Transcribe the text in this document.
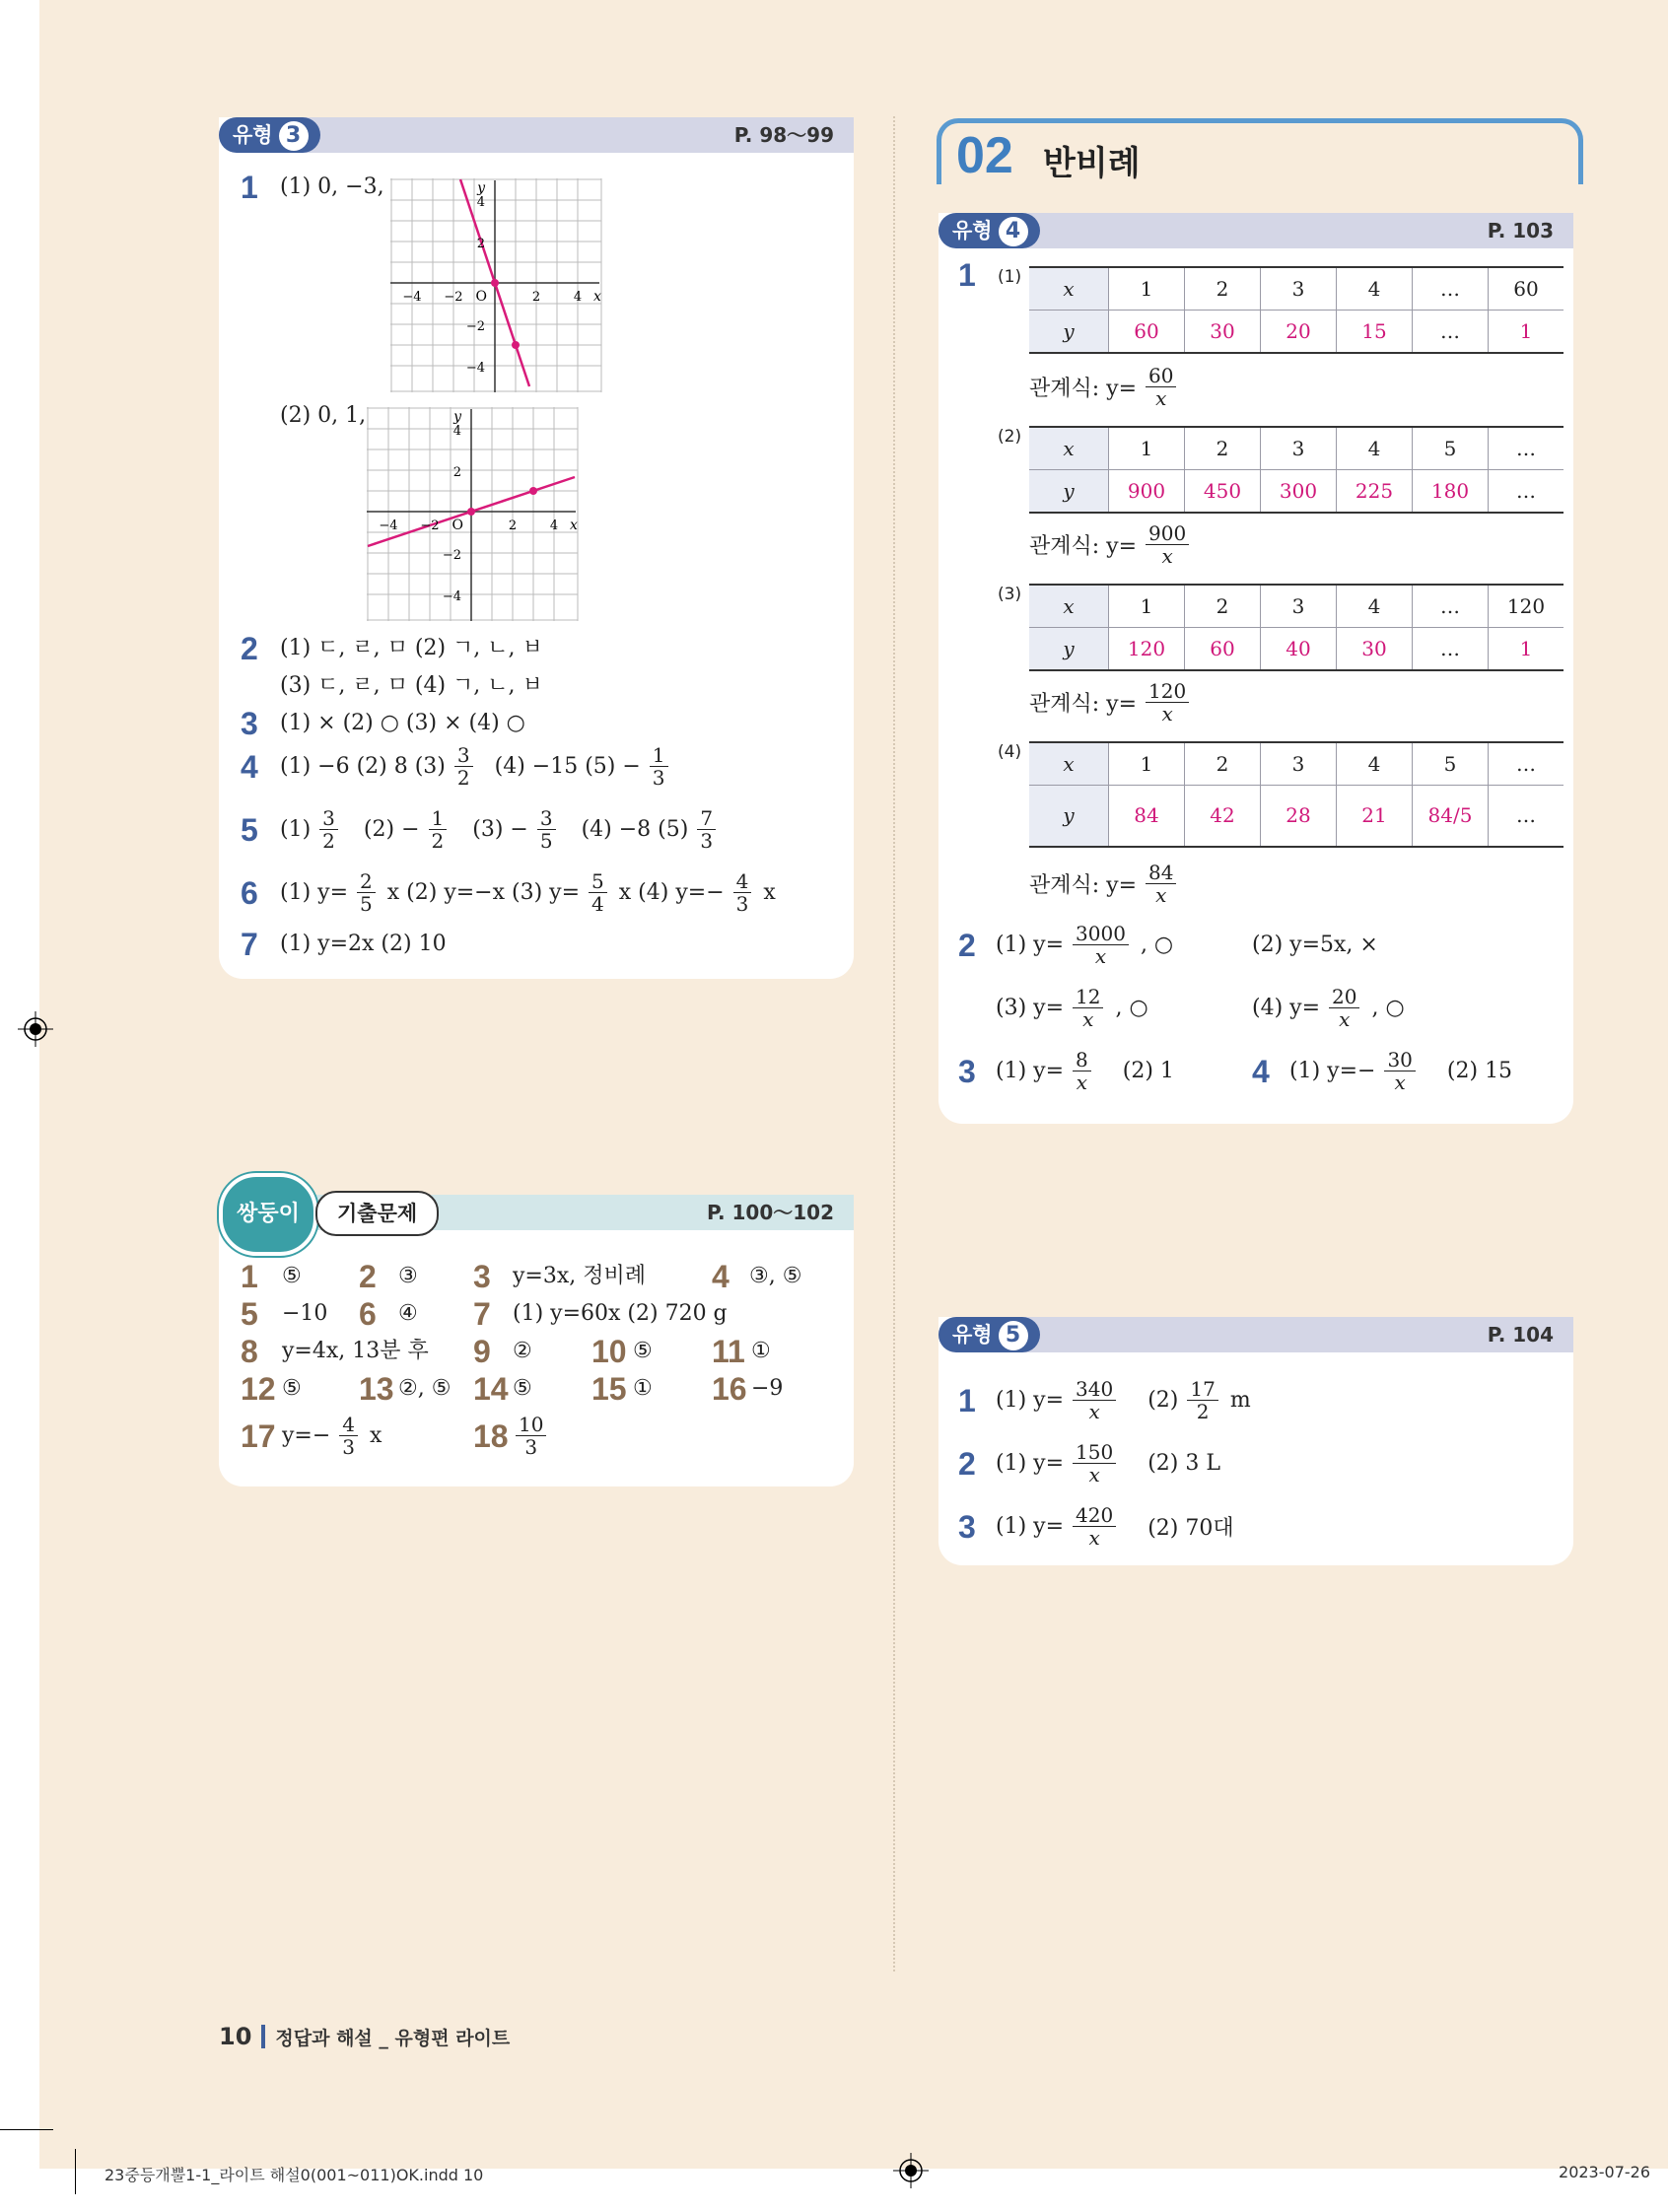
유형 3	P. 98～99
1 (1) 0, −3,
4
2
−2
−4
−4 −2	2	4
O	x
y
(2) 0, 1,
4
2
−2
−4
−4 −2	2	4
O	x
y
2 (1) ㄷ, ㄹ, ㅁ (2) ㄱ, ㄴ, ㅂ
(3) ㄷ, ㄹ, ㅁ (4) ㄱ, ㄴ, ㅂ
3 (1) × (2) ○ (3) × (4) ○
4 (1) −6 (2) 8 $(3) \frac{3}{2} (4) -15$ $(5) - \frac{1}{3}$
5 $(1) \frac{3}{2} (2) - \frac{1}{2} (3) - \frac{3}{5} (4) -8$ $(5) \frac{7}{3}$
6 (1) $y= \frac{2}{5}$ x (2) y=−x (3) $y= \frac{5}{4}$ x (4) $y=- \frac{4}{3}$ x
7 (1) y=2x (2) 10
쌍둥이	기출문제	P. 100～102
1 ⑤ 2 ③ 3 y=3x, 정비례 4 ③, ⑤
5 −10 6 ④ 7 (1) y=60x (2) 720 g
8 y=4x, 13분 후 9 ② 10 ⑤ 11 ①
12 ⑤ 13 ②, ⑤ 14 ⑤ 15 ① 16 −9
17 $y=- \frac{4}{3}$ x	$18 \frac{10}{3}$
10 정답과 해설 _ 유형편 라이트
02 반비례
유형 4	P. 103
1 (1) x	1	2	3	4	…	60
y	60	30	20	15	…	1
관계식: $y= \frac{60}{x}$
(2) x	1	2	3	4	5	…
y	900	450	300	225	180	…
관계식: $y= \frac{900}{x}$
(3) x	1	2	3	4	…	120
y	120	60	40	30	…	1
관계식: $y= \frac{120}{x}$
(4) x	1	2	3	4	5	…
y	84	42	28	21	84/5	…
관계식: $y= \frac{84}{x}$
2 (1) $y= \frac{3000}{x}$ , ○	(2) y=5x, ×
(3) $y= \frac{12}{x}$ , ○	(4) $y= \frac{20}{x}$ , ○
3 (1) $y= \frac{8}{x} (2)$ 1 4 (1) $y=- \frac{30}{x} (2)$ 15
유형 5	P. 104
1 (1) $y= \frac{340}{x} (2) \frac{17}{2}$ m
2 (1) $y= \frac{150}{x} (2)$ 3 L
3 (1) $y= \frac{420}{x} (2)$ 70대
23중등개뿔1-1_라이트 해설0(001~011)OK.indd 10	2023-07-26
